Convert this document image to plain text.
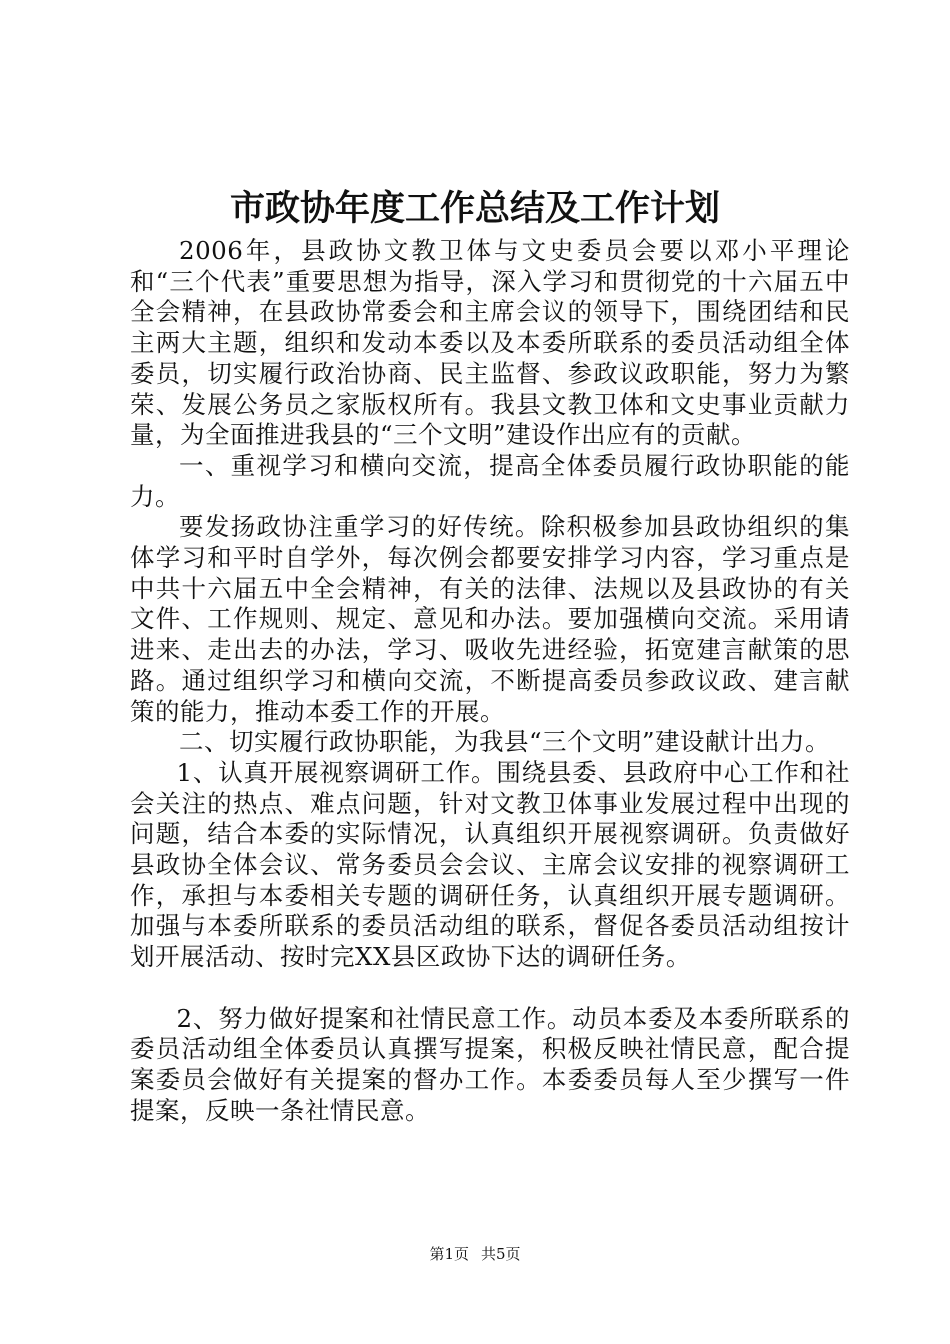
市政协年度工作总结及工作计划

2006年，县政协文教卫体与文史委员会要以邓小平理论和“三个代表”重要思想为指导，深入学习和贯彻党的十六届五中全会精神，在县政协常委会和主席会议的领导下，围绕团结和民主两大主题，组织和发动本委以及本委所联系的委员活动组全体委员，切实履行政治协商、民主监督、参政议政职能，努力为繁荣、发展公务员之家版权所有。我县文教卫体和文史事业贡献力量，为全面推进我县的“三个文明”建设作出应有的贡献。

一、重视学习和横向交流，提高全体委员履行政协职能的能力。

要发扬政协注重学习的好传统。除积极参加县政协组织的集体学习和平时自学外，每次例会都要安排学习内容，学习重点是中共十六届五中全会精神，有关的法律、法规以及县政协的有关文件、工作规则、规定、意见和办法。要加强横向交流。采用请进来、走出去的办法，学习、吸收先进经验，拓宽建言献策的思路。通过组织学习和横向交流，不断提高委员参政议政、建言献策的能力，推动本委工作的开展。

二、切实履行政协职能，为我县“三个文明”建设献计出力。

1、认真开展视察调研工作。围绕县委、县政府中心工作和社会关注的热点、难点问题，针对文教卫体事业发展过程中出现的问题，结合本委的实际情况，认真组织开展视察调研。负责做好县政协全体会议、常务委员会会议、主席会议安排的视察调研工作，承担与本委相关专题的调研任务，认真组织开展专题调研。加强与本委所联系的委员活动组的联系，督促各委员活动组按计划开展活动、按时完XX县区政协下达的调研任务。

2、努力做好提案和社情民意工作。动员本委及本委所联系的委员活动组全体委员认真撰写提案，积极反映社情民意，配合提案委员会做好有关提案的督办工作。本委委员每人至少撰写一件提案，反映一条社情民意。

第1页 共5页
